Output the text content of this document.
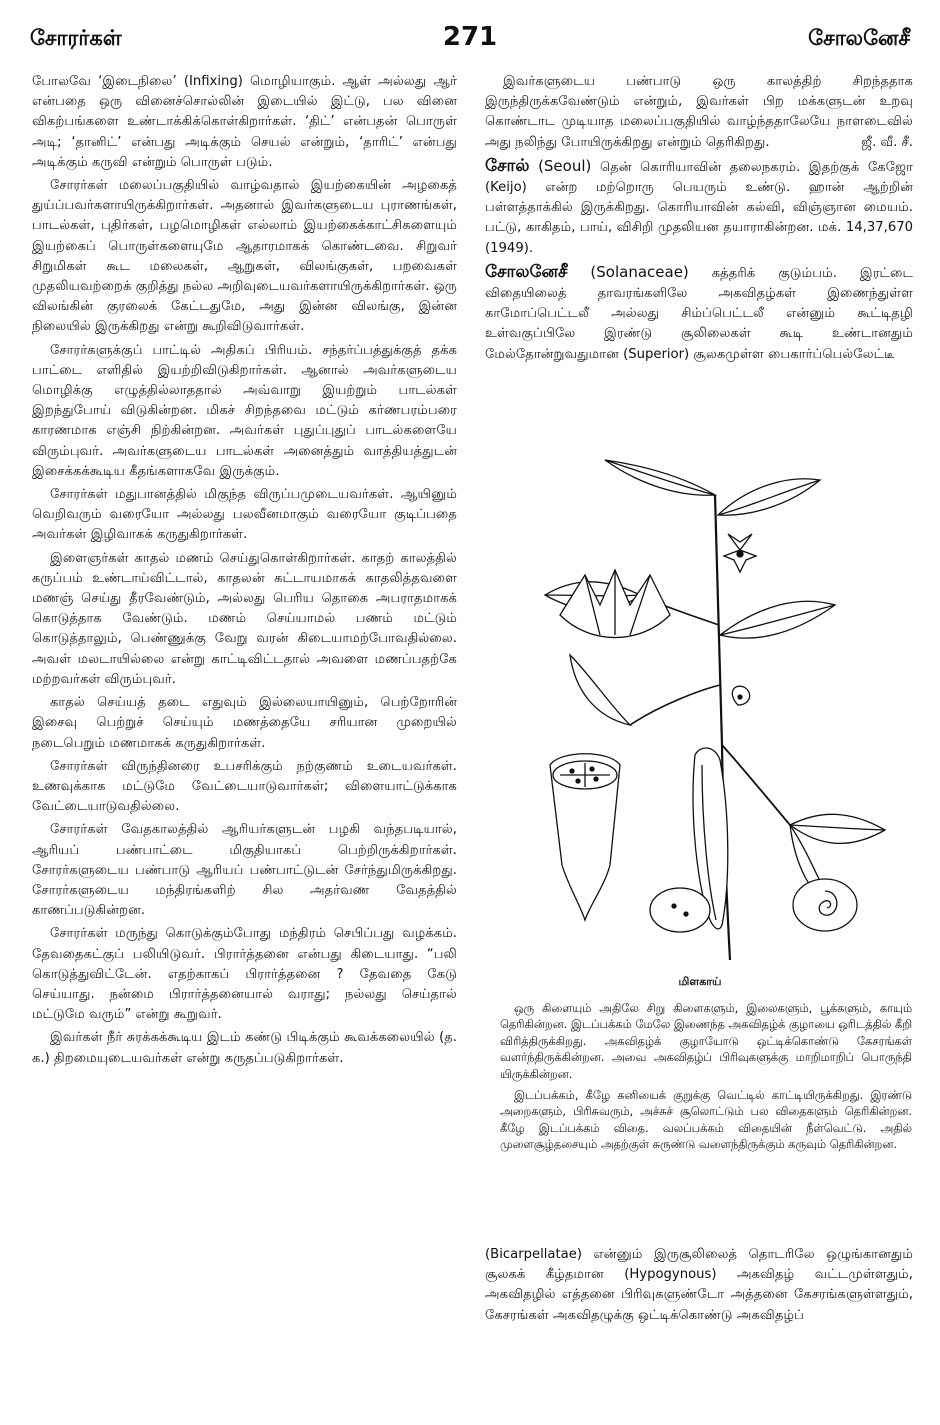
சோரர்கள்	271	சோலனேசீ

போலவே ‘இடைநிலை’ (Infixing) மொழியாகும். ஆள் அல்லது ஆர் என்பதை ஒரு வினைச்சொல்லின் இடையில் இட்டு, பல வினை விகற்பங்களை உண்டாக்கிக்கொள்கிறார்கள். ‘திட்’ என்பதன் பொருள் அடி; ‘தானிட்’ என்பது அடிக்கும் செயல் என்றும், ‘தாரிட்’ என்பது அடிக்கும் கருவி என்றும் பொருள் படும்.

சோரர்கள் மலைப்பகுதியில் வாழ்வதால் இயற்கையின் அழகைத் துய்ப்பவர்களாயிருக்கிறார்கள். அதனால் இவர்களுடைய புராணங்கள், பாடல்கள், புதிர்கள், பழமொழிகள் எல்லாம் இயற்கைக்காட்சிகளையும் இயற்கைப் பொருள்களையுமே ஆதாரமாகக் கொண்டவை. சிறுவர் சிறுமிகள் கூட மலைகள், ஆறுகள், விலங்குகள், பறவைகள் முதலியவற்றைக் குறித்து நல்ல அறிவுடையவர்களாயிருக்கிறார்கள். ஒரு விலங்கின் குரலைக் கேட்டதுமே, அது இன்ன விலங்கு, இன்ன நிலையில் இருக்கிறது என்று கூறிவிடுவார்கள்.

சோரர்களுக்குப் பாட்டில் அதிகப் பிரியம். சந்தர்ப்பத்துக்குத் தக்க பாட்டை எளிதில் இயற்றிவிடுகிறார்கள். ஆனால் அவர்களுடைய மொழிக்கு எழுத்தில்லாததால் அவ்வாறு இயற்றும் பாடல்கள் இறந்துபோய் விடுகின்றன. மிகச் சிறந்தவை மட்டும் கர்ணபரம்பரை காரணமாக எஞ்சி நிற்கின்றன. அவர்கள் புதுப்புதுப் பாடல்களையே விரும்புவர். அவர்களுடைய பாடல்கள் அனைத்தும் வாத்தியத்துடன் இசைக்கக்கூடிய கீதங்களாகவே இருக்கும்.

சோரர்கள் மதுபானத்தில் மிகுந்த விருப்பமுடையவர்கள். ஆயினும் வெறிவரும் வரையோ அல்லது பலவீனமாகும் வரையோ குடிப்பதை அவர்கள் இழிவாகக் கருதுகிறார்கள்.

இளைஞர்கள் காதல் மணம் செய்துகொள்கிறார்கள். காதற் காலத்தில் கருப்பம் உண்டாய்விட்டால், காதலன் கட்டாயமாகக் காதலித்தவளை மணஞ் செய்து தீரவேண்டும், அல்லது பெரிய தொகை அபராதமாகக் கொடுத்தாக வேண்டும். மணம் செய்யாமல் பணம் மட்டும் கொடுத்தாலும், பெண்ணுக்கு வேறு வரன் கிடையாமற்போவதில்லை. அவள் மலடாயில்லை என்று காட்டிவிட்டதால் அவளை மணப்பதற்கே மற்றவர்கள் விரும்புவர்.

காதல் செய்யத் தடை எதுவும் இல்லையாயினும், பெற்றோரின் இசைவு பெற்றுச் செய்யும் மணத்தையே சரியான முறையில் நடைபெறும் மணமாகக் கருதுகிறார்கள்.

சோரர்கள் விருந்தினரை உபசரிக்கும் நற்குணம் உடையவர்கள். உணவுக்காக மட்டுமே வேட்டையாடுவார்கள்; விளையாட்டுக்காக வேட்டையாடுவதில்லை.

சோரர்கள் வேதகாலத்தில் ஆரியர்களுடன் பழகி வந்தபடியால், ஆரியப் பண்பாட்டை மிகுதியாகப் பெற்றிருக்கிறார்கள். சோரர்களுடைய பண்பாடு ஆரியப் பண்பாட்டுடன் சேர்ந்துமிருக்கிறது. சோரர்களுடைய மந்திரங்களிற் சில அதர்வண வேதத்தில் காணப்படுகின்றன.

சோரர்கள் மருந்து கொடுக்கும்போது மந்திரம் செபிப்பது வழக்கம். தேவதைகட்குப் பலியிடுவர். பிரார்த்தனை என்பது கிடையாது. “பலி கொடுத்துவிட்டேன். எதற்காகப் பிரார்த்தனை ? தேவதை கேடு செய்யாது. நன்மை பிரார்த்தனையால் வராது; நல்லது செய்தால் மட்டுமே வரும்” என்று கூறுவர்.

இவர்கள் நீர் சுரக்கக்கூடிய இடம் கண்டு பிடிக்கும் கூவக்கலையில் (த. க.) திறமையுடையவர்கள் என்று கருதப்படுகிறார்கள்.

இவர்களுடைய பண்பாடு ஒரு காலத்திற் சிறந்ததாக இருந்திருக்கவேண்டும் என்றும், இவர்கள் பிற மக்களுடன் உறவு கொண்டாட முடியாத மலைப்பகுதியில் வாழ்ந்ததாலேயே நாளடைவில் அது நலிந்து போயிருக்கிறது என்றும் தெரிகிறது.	ஜீ. வீ. சீ.

சோல் (Seoul) தென் கொரியாவின் தலைநகரம். இதற்குக் கேஜோ (Keijo) என்ற மற்றொரு பெயரும் உண்டு. ஹான் ஆற்றின் பள்ளத்தாக்கில் இருக்கிறது. கொரியாவின் கல்வி, விஞ்ஞான மையம். பட்டு, காகிதம், பாய், விசிறி முதலியன தயாராகின்றன. மக். 14,37,670 (1949).

சோலனேசீ (Solanaceae) கத்தரிக் குடும்பம். இரட்டை விதையிலைத் தாவரங்களிலே அகவிதழ்கள் இணைந்துள்ள காமோப்பெட்டலீ அல்லது சிம்ப்பெட்டலீ என்னும் கூட்டிதழி உள்வகுப்பிலே இரண்டு சூலிலைகள் கூடி உண்டானதும் மேல்தோன்றுவதுமான (Superior) சூலகமுள்ள பைகார்ப்பெல்லேட்டீ

மிளகாய்

ஒரு கிளையும் அதிலே சிறு கிளைகளும், இலைகளும், பூக்களும், காயும் தெரிகின்றன. இடப்பக்கம் மேலே இணைந்த அகவிதழ்க் குழாயை ஒரிடத்தில் கீறி விரித்திருக்கிறது. அகவிதழ்க் குழாயோடு ஒட்டிக்கொண்டு கேசரங்கள் வளர்ந்திருக்கின்றன. அவை அகவிதழ்ப் பிரிவுகளுக்கு மாறிமாறிப் பொருந்தி யிருக்கின்றன.

இடப்பக்கம், கீழே கனியைக் குறுக்கு வெட்டில் காட்டியிருக்கிறது. இரண்டு அறைகளும், பிரிசுவரும், அச்சுச் சூலொட்டும் பல விதைகளும் தெரிகின்றன. கீழே இடப்பக்கம் விதை. வலப்பக்கம் விதையின் நீள்வெட்டு. அதில் முளைசூழ்தசையும் அதற்குள் சுருண்டு வளைந்திருக்கும் கருவும் தெரிகின்றன.

(Bicarpellatae) என்னும் இருசூலிலைத் தொடரிலே ஒழுங்கானதும் சூலகக் கீழ்தமான (Hypogynous) அகவிதழ் வட்டமுள்ளதும், அகவிதழில் எத்தனை பிரிவுகளுண்டோ அத்தனை கேசரங்களுள்ளதும், கேசரங்கள் அகவிதழுக்கு ஒட்டிக்கொண்டு அகவிதழ்ப்
